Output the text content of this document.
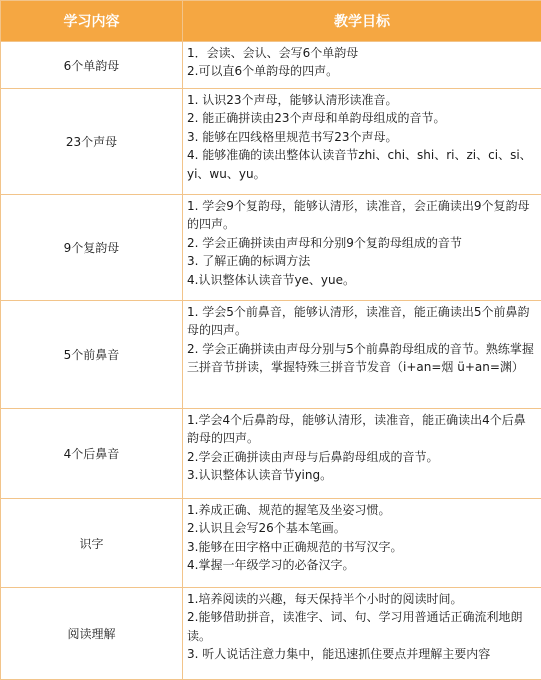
学习内容	教学目标
6个单韵母	1．会读、会认、会写6个单韵母

2.可以直6个单韵母的四声。

23个声母	1. 认识23个声母，能够认清形读准音。

2. 能正确拼读由23个声母和单韵母组成的音节。

3. 能够在四线格里规范书写23个声母。

4. 能够准确的读出整体认读音节zhi、chi、shi、ri、zi、ci、si、yi、wu、yu。

9个复韵母	1. 学会9个复韵母，能够认清形，读准音，会正确读出9个复韵母的四声。

2. 学会正确拼读由声母和分别9个复韵母组成的音节

3. 了解正确的标调方法

4.认识整体认读音节ye、yue。

5个前鼻音	1. 学会5个前鼻音，能够认清形，读准音，能正确读出5个前鼻韵母的四声。

2. 学会正确拼读由声母分别与5个前鼻韵母组成的音节。熟练掌握三拼音节拼读，掌握特殊三拼音节发音（i+an=烟 ü+an=渊）

4个后鼻音	1.学会4个后鼻韵母，能够认清形，读准音，能正确读出4个后鼻韵母的四声。

2.学会正确拼读由声母与后鼻韵母组成的音节。

3.认识整体认读音节ying。

识字	1.养成正确、规范的握笔及坐姿习惯。

2.认识且会写26个基本笔画。

3.能够在田字格中正确规范的书写汉字。

4.掌握一年级学习的必备汉字。

阅读理解	1.培养阅读的兴趣，每天保持半个小时的阅读时间。

2.能够借助拼音，读准字、词、句、学习用普通话正确流利地朗读。

3. 听人说话注意力集中，能迅速抓住要点并理解主要内容
